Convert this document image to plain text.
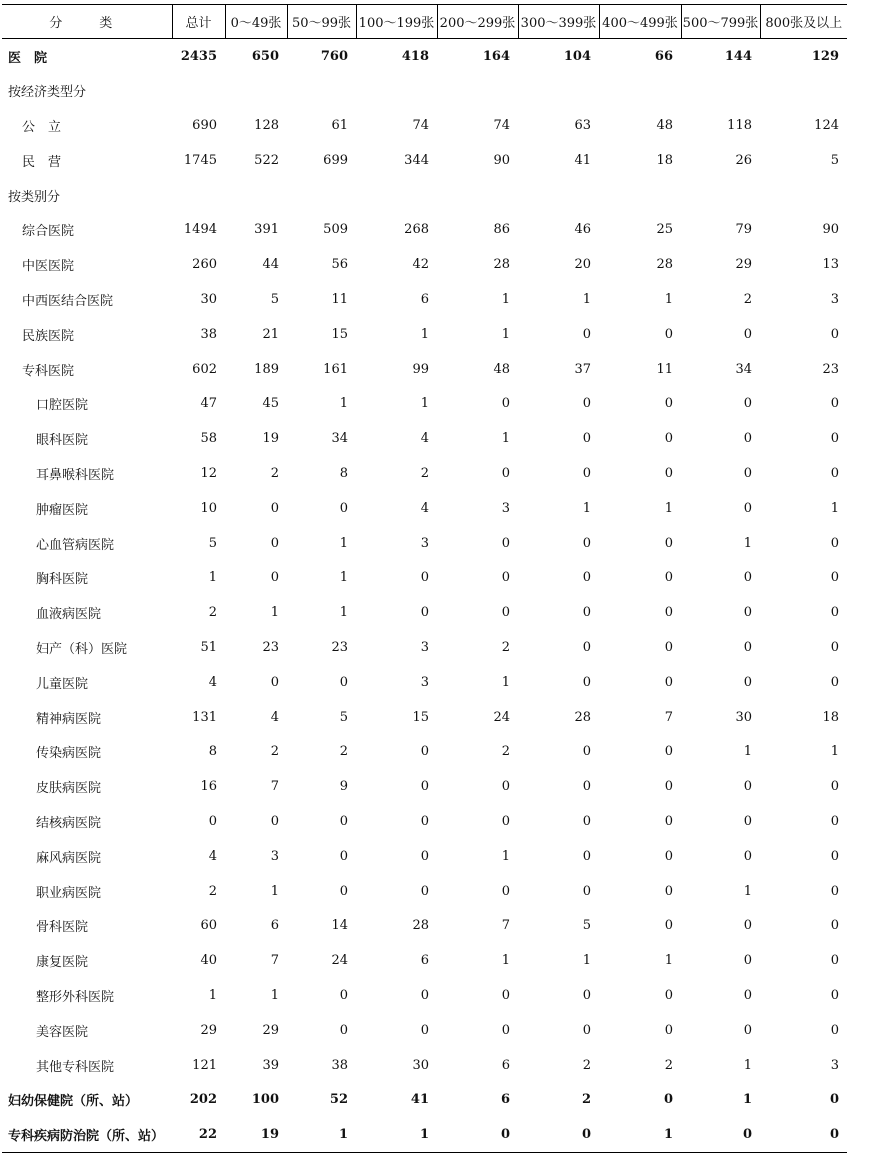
分　类	总计	0～49张	50～99张	100～199张	200～299张	300～399张	400～499张	500～799张	800张及以上
医　院	2435	650	760	418	164	104	66	144	129
按经济类型分									
公　立	690	128	61	74	74	63	48	118	124
民　营	1745	522	699	344	90	41	18	26	5
按类别分									
综合医院	1494	391	509	268	86	46	25	79	90
中医医院	260	44	56	42	28	20	28	29	13
中西医结合医院	30	5	11	6	1	1	1	2	3
民族医院	38	21	15	1	1	0	0	0	0
专科医院	602	189	161	99	48	37	11	34	23
口腔医院	47	45	1	1	0	0	0	0	0
眼科医院	58	19	34	4	1	0	0	0	0
耳鼻喉科医院	12	2	8	2	0	0	0	0	0
肿瘤医院	10	0	0	4	3	1	1	0	1
心血管病医院	5	0	1	3	0	0	0	1	0
胸科医院	1	0	1	0	0	0	0	0	0
血液病医院	2	1	1	0	0	0	0	0	0
妇产（科）医院	51	23	23	3	2	0	0	0	0
儿童医院	4	0	0	3	1	0	0	0	0
精神病医院	131	4	5	15	24	28	7	30	18
传染病医院	8	2	2	0	2	0	0	1	1
皮肤病医院	16	7	9	0	0	0	0	0	0
结核病医院	0	0	0	0	0	0	0	0	0
麻风病医院	4	3	0	0	1	0	0	0	0
职业病医院	2	1	0	0	0	0	0	1	0
骨科医院	60	6	14	28	7	5	0	0	0
康复医院	40	7	24	6	1	1	1	0	0
整形外科医院	1	1	0	0	0	0	0	0	0
美容医院	29	29	0	0	0	0	0	0	0
其他专科医院	121	39	38	30	6	2	2	1	3
妇幼保健院（所、站）	202	100	52	41	6	2	0	1	0
专科疾病防治院（所、站）	22	19	1	1	0	0	1	0	0
